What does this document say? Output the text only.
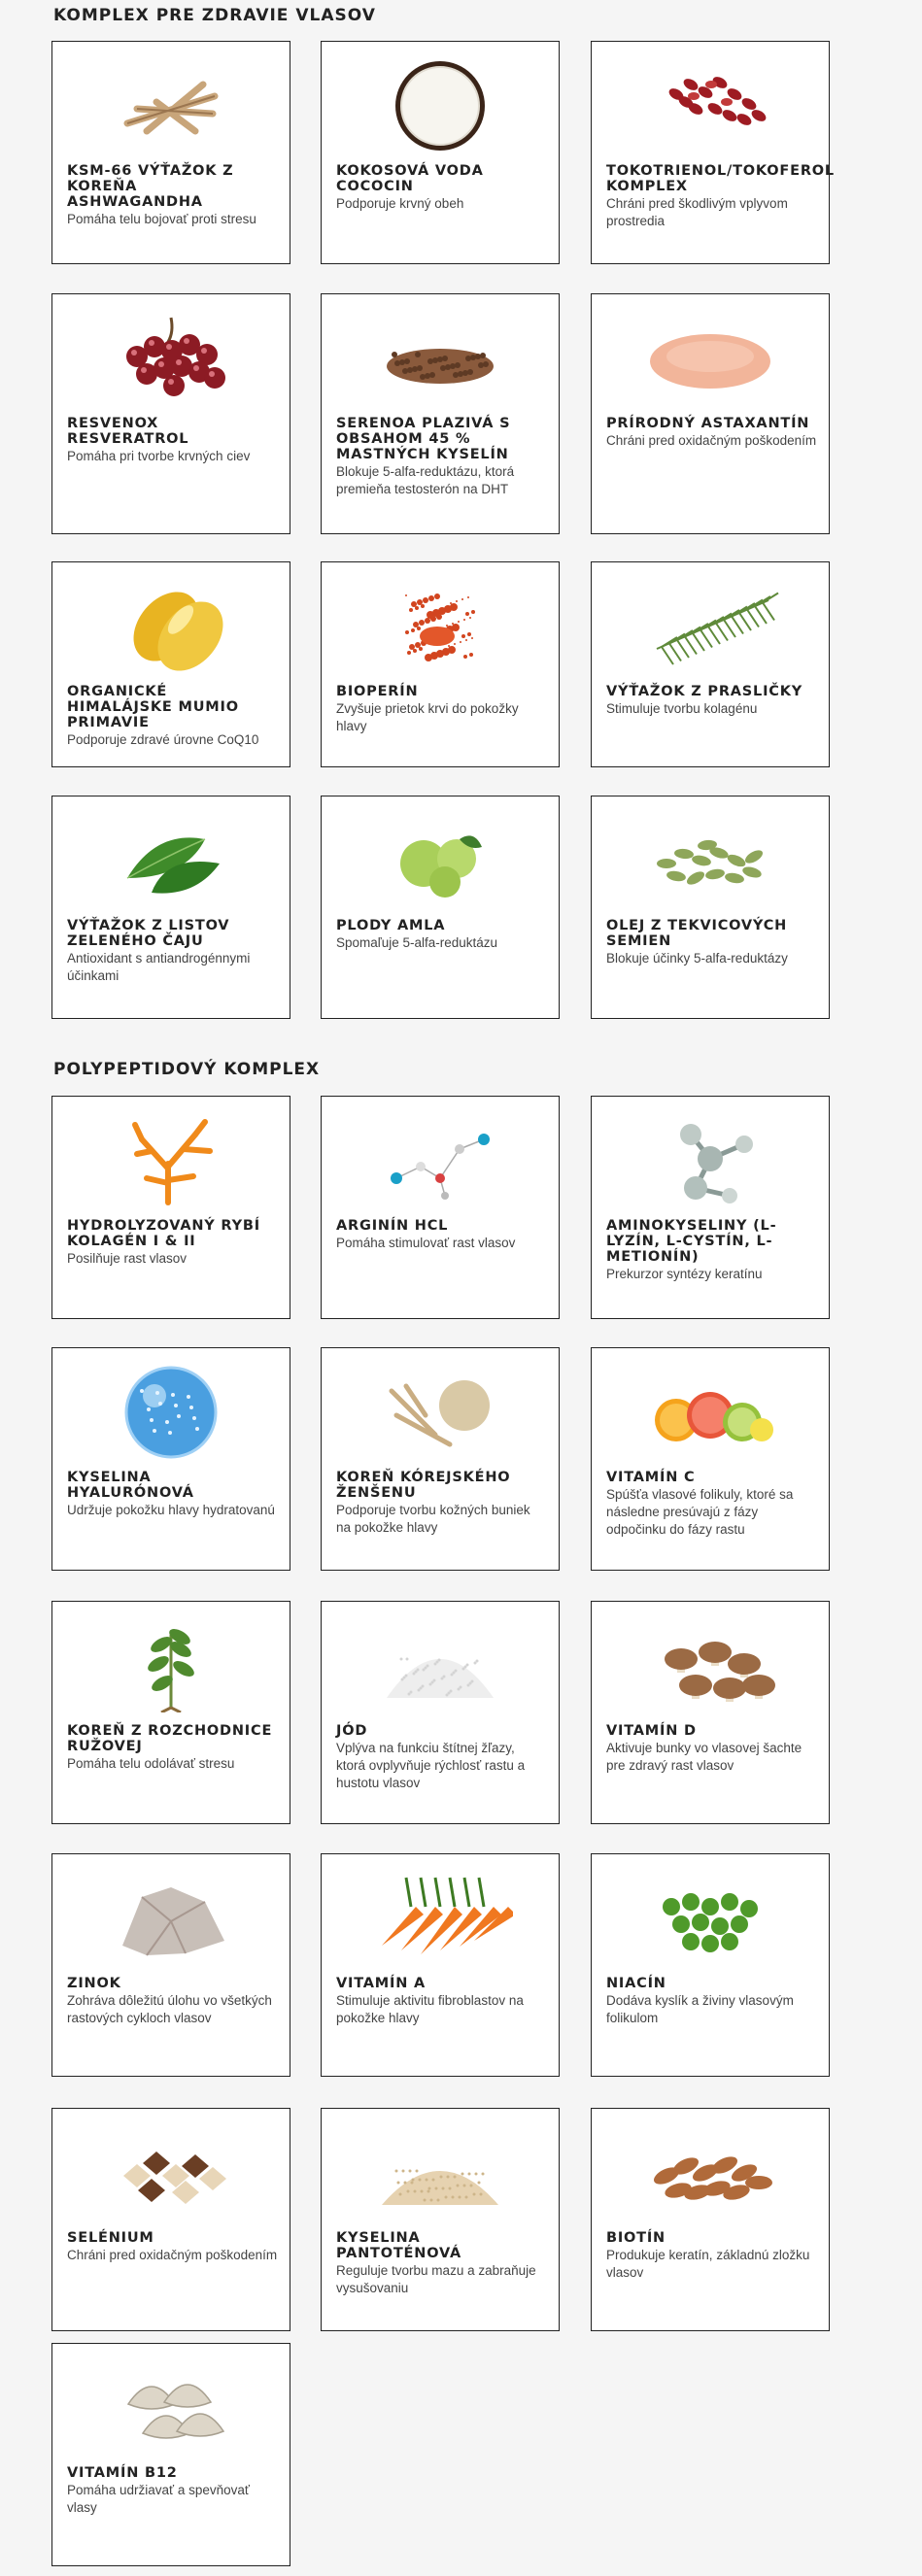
KOMPLEX PRE ZDRAVIE VLASOV
POLYPEPTIDOVÝ KOMPLEX
KSM-66 VÝŤAŽOK Z KOREŇA ASHWAGANDHA
Pomáha telu bojovať proti stresu
KOKOSOVÁ VODA COCOCIN
Podporuje krvný obeh
TOKOTRIENOL/TOKOFEROL KOMPLEX
Chráni pred škodlivým vplyvom prostredia
RESVENOX RESVERATROL
Pomáha pri tvorbe krvných ciev
SERENOA PLAZIVÁ S OBSAHOM 45 % MASTNÝCH KYSELÍN
Blokuje 5-alfa-reduktázu, ktorá premieňa testosterón na DHT
PRÍRODNÝ ASTAXANTÍN
Chráni pred oxidačným poškodením
ORGANICKÉ HIMALÁJSKE MUMIO PRIMAVIE
Podporuje zdravé úrovne CoQ10
BIOPERÍN
Zvyšuje prietok krvi do pokožky hlavy
VÝŤAŽOK Z PRASLIČKY
Stimuluje tvorbu kolagénu
VÝŤAŽOK Z LISTOV ZELENÉHO ČAJU
Antioxidant s antiandrogénnymi účinkami
PLODY AMLA
Spomaľuje 5-alfa-reduktázu
OLEJ Z TEKVICOVÝCH SEMIEN
Blokuje účinky 5-alfa-reduktázy
HYDROLYZOVANÝ RYBÍ KOLAGÉN I & II
Posilňuje rast vlasov
ARGINÍN HCL
Pomáha stimulovať rast vlasov
AMINOKYSELINY (L-LYZÍN, L-CYSTÍN, L-METIONÍN)
Prekurzor syntézy keratínu
KYSELINA HYALURÓNOVÁ
Udržuje pokožku hlavy hydratovanú
KOREŇ KÓREJSKÉHO ŽENŠENU
Podporuje tvorbu kožných buniek na pokožke hlavy
VITAMÍN C
Spúšťa vlasové folikuly, ktoré sa následne presúvajú z fázy odpočinku do fázy rastu
KOREŇ Z ROZCHODNICE RUŽOVEJ
Pomáha telu odolávať stresu
JÓD
Vplýva na funkciu štítnej žľazy, ktorá ovplyvňuje rýchlosť rastu a hustotu vlasov
VITAMÍN D
Aktivuje bunky vo vlasovej šachte pre zdravý rast vlasov
ZINOK
Zohráva dôležitú úlohu vo všetkých rastových cykloch vlasov
VITAMÍN A
Stimuluje aktivitu fibroblastov na pokožke hlavy
NIACÍN
Dodáva kyslík a živiny vlasovým folikulom
SELÉNIUM
Chráni pred oxidačným poškodením
KYSELINA PANTOTÉNOVÁ
Reguluje tvorbu mazu a zabraňuje vysušovaniu
BIOTÍN
Produkuje keratín, základnú zložku vlasov
VITAMÍN B12
Pomáha udržiavať a spevňovať vlasy
